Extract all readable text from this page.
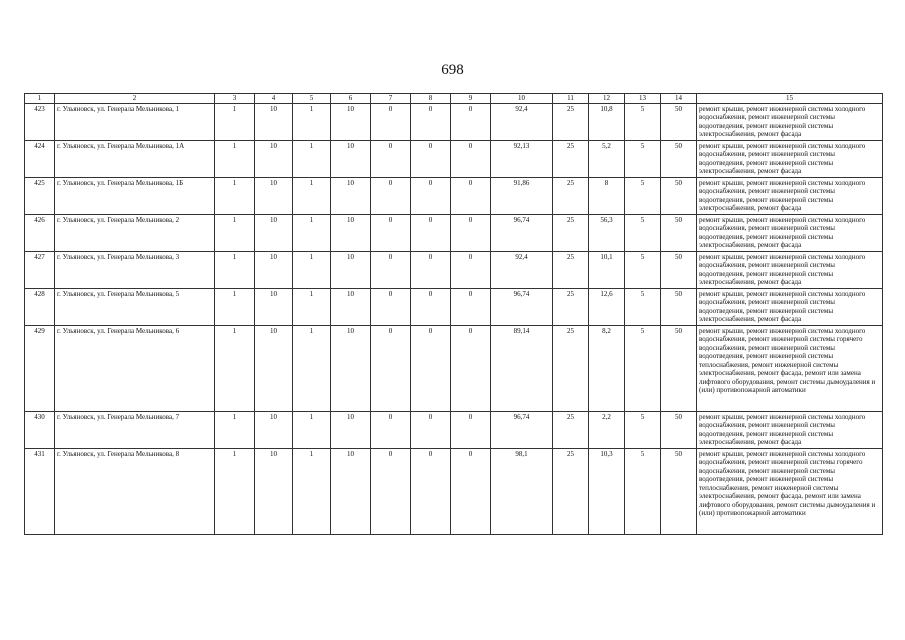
698
1	2	3	4	5	6	7	8	9	10	11	12	13	14	15
423	г. Ульяновск, ул. Генерала Мельникова, 1	1	10	1	10	0	0	0	92,4	25	10,8	5	50	ремонт крыши, ремонт инженерной системы холодного водоснабжения, ремонт инженерной системы водоотведения, ремонт инженерной системы электроснабжения, ремонт фасада
424	г. Ульяновск, ул. Генерала Мельникова, 1А	1	10	1	10	0	0	0	92,13	25	5,2	5	50	ремонт крыши, ремонт инженерной системы холодного водоснабжения, ремонт инженерной системы водоотведения, ремонт инженерной системы электроснабжения, ремонт фасада
425	г. Ульяновск, ул. Генерала Мельникова, 1Б	1	10	1	10	0	0	0	91,86	25	8	5	50	ремонт крыши, ремонт инженерной системы холодного водоснабжения, ремонт инженерной системы водоотведения, ремонт инженерной системы электроснабжения, ремонт фасада
426	г. Ульяновск, ул. Генерала Мельникова, 2	1	10	1	10	0	0	0	96,74	25	56,3	5	50	ремонт крыши, ремонт инженерной системы холодного водоснабжения, ремонт инженерной системы водоотведения, ремонт инженерной системы электроснабжения, ремонт фасада
427	г. Ульяновск, ул. Генерала Мельникова, 3	1	10	1	10	0	0	0	92,4	25	10,1	5	50	ремонт крыши, ремонт инженерной системы холодного водоснабжения, ремонт инженерной системы водоотведения, ремонт инженерной системы электроснабжения, ремонт фасада
428	г. Ульяновск, ул. Генерала Мельникова, 5	1	10	1	10	0	0	0	96,74	25	12,6	5	50	ремонт крыши, ремонт инженерной системы холодного водоснабжения, ремонт инженерной системы водоотведения, ремонт инженерной системы электроснабжения, ремонт фасада
429	г. Ульяновск, ул. Генерала Мельникова, 6	1	10	1	10	0	0	0	89,14	25	8,2	5	50	ремонт крыши, ремонт инженерной системы холодного водоснабжения, ремонт инженерной системы горячего водоснабжения, ремонт инженерной системы водоотведения, ремонт инженерной системы теплоснабжения, ремонт инженерной системы электроснабжения, ремонт фасада, ремонт или замена лифтового оборудования, ремонт системы дымоудаления и (или) противопожарной автоматики
430	г. Ульяновск, ул. Генерала Мельникова, 7	1	10	1	10	0	0	0	96,74	25	2,2	5	50	ремонт крыши, ремонт инженерной системы холодного водоснабжения, ремонт инженерной системы водоотведения, ремонт инженерной системы электроснабжения, ремонт фасада
431	г. Ульяновск, ул. Генерала Мельникова, 8	1	10	1	10	0	0	0	98,1	25	10,3	5	50	ремонт крыши, ремонт инженерной системы холодного водоснабжения, ремонт инженерной системы горячего водоснабжения, ремонт инженерной системы водоотведения, ремонт инженерной системы теплоснабжения, ремонт инженерной системы электроснабжения, ремонт фасада, ремонт или замена лифтового оборудования, ремонт системы дымоудаления и (или) противопожарной автоматики
